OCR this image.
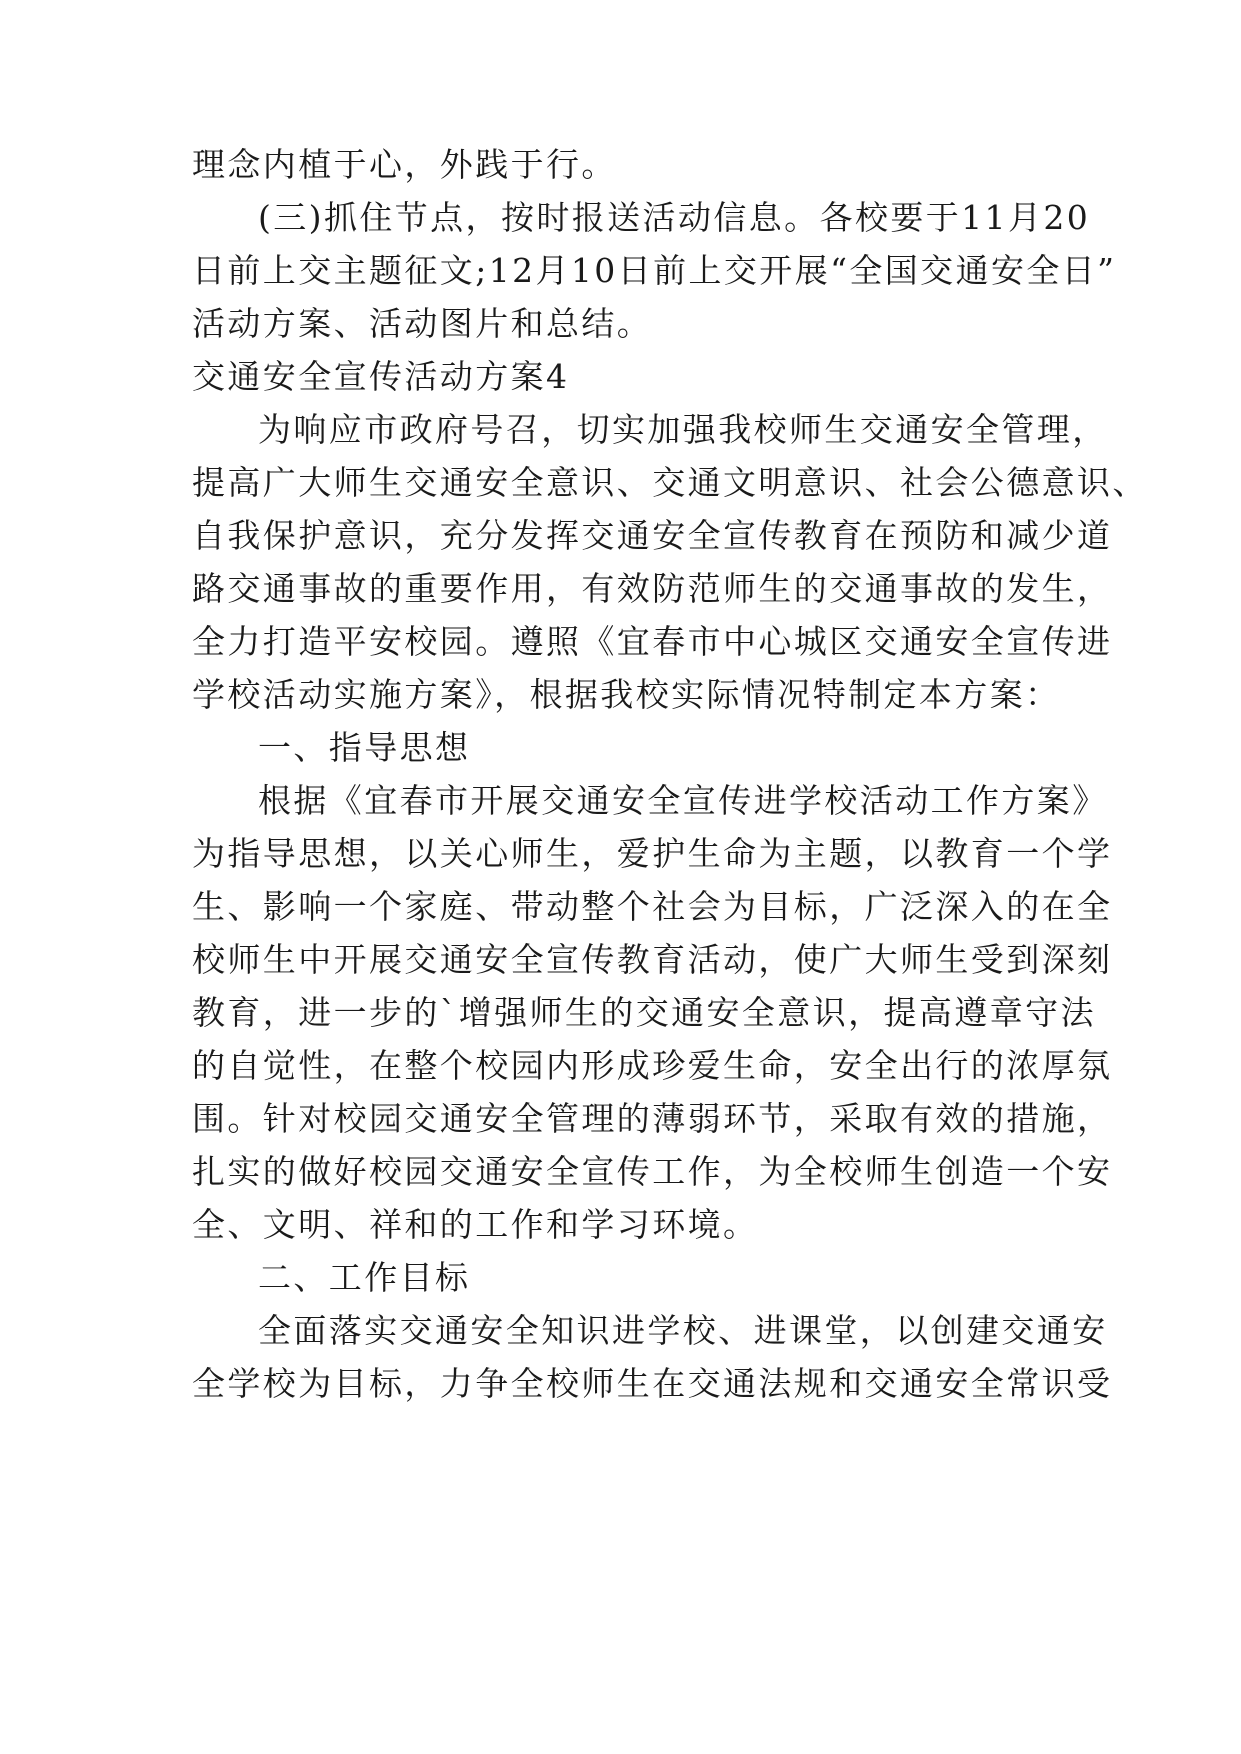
理念内植于心，外践于行。
(三)抓住节点，按时报送活动信息。各校要于11月20
日前上交主题征文;12月10日前上交开展“全国交通安全日”
活动方案、活动图片和总结。
交通安全宣传活动方案4
为响应市政府号召，切实加强我校师生交通安全管理，
提高广大师生交通安全意识、交通文明意识、社会公德意识、
自我保护意识，充分发挥交通安全宣传教育在预防和减少道
路交通事故的重要作用，有效防范师生的交通事故的发生，
全力打造平安校园。遵照《宜春市中心城区交通安全宣传进
学校活动实施方案》，根据我校实际情况特制定本方案：
一、指导思想
根据《宜春市开展交通安全宣传进学校活动工作方案》
为指导思想，以关心师生，爱护生命为主题，以教育一个学
生、影响一个家庭、带动整个社会为目标，广泛深入的在全
校师生中开展交通安全宣传教育活动，使广大师生受到深刻
教育，进一步的`增强师生的交通安全意识，提高遵章守法
的自觉性，在整个校园内形成珍爱生命，安全出行的浓厚氛
围。针对校园交通安全管理的薄弱环节，采取有效的措施，
扎实的做好校园交通安全宣传工作，为全校师生创造一个安
全、文明、祥和的工作和学习环境。
二、工作目标
全面落实交通安全知识进学校、进课堂，以创建交通安
全学校为目标，力争全校师生在交通法规和交通安全常识受
